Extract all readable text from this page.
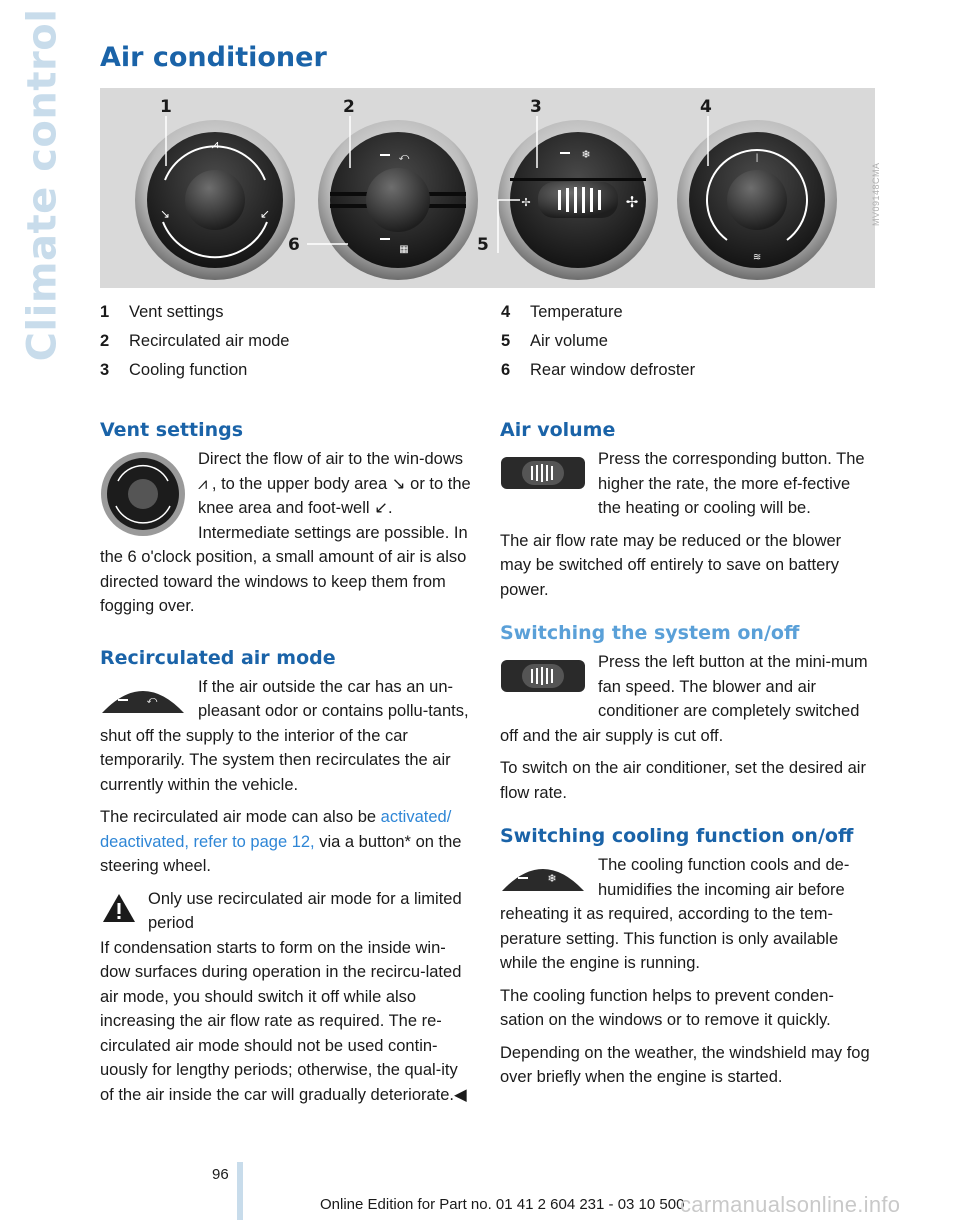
Climate control Air conditioner
⩘
↘	↙
⤺
▦
❄
✢	✢
|
≋
1	2	3	4
5
6
MV09148CMA
1	Vent settings
2	Recirculated air mode
3	Cooling function
4	Temperature
5	Air volume
6	Rear window defroster
Vent settings

Direct the flow of air to the win-dows ⩘ , to the upper body area ↘ or to the knee area and foot-well ↙. Intermediate settings are possible. In the 6 o'clock position, a small amount of air is also directed toward the windows to keep them from fogging over.

Recirculated air mode
⤺

If the air outside the car has an un-pleasant odor or contains pollu-tants, shut off the supply to the interior of the car temporarily. The system then recirculates the air currently within the vehicle.

The recirculated air mode can also be activated/ deactivated, refer to page 12, via a button* on the steering wheel.

Only use recirculated air mode for a limited period

If condensation starts to form on the inside win-dow surfaces during operation in the recircu-lated air mode, you should switch it off while also increasing the air flow rate as required. The re-circulated air mode should not be used contin-uously for lengthy periods; otherwise, the qual-ity of the air inside the car will gradually deteriorate.◀

Air volume

Press the corresponding button. The higher the rate, the more ef-fective the heating or cooling will be.

The air flow rate may be reduced or the blower may be switched off entirely to save on battery power.

Switching the system on/off

Press the left button at the mini-mum fan speed. The blower and air conditioner are completely switched off and the air supply is cut off.

To switch on the air conditioner, set the desired air flow rate.

Switching cooling function on/off
❄

The cooling function cools and de-humidifies the incoming air before reheating it as required, according to the tem-perature setting. This function is only available while the engine is running.

The cooling function helps to prevent conden-sation on the windows or to remove it quickly.

Depending on the weather, the windshield may fog over briefly when the engine is started.

96
Online Edition for Part no. 01 41 2 604 231 - 03 10 500
carmanualsonline.info
